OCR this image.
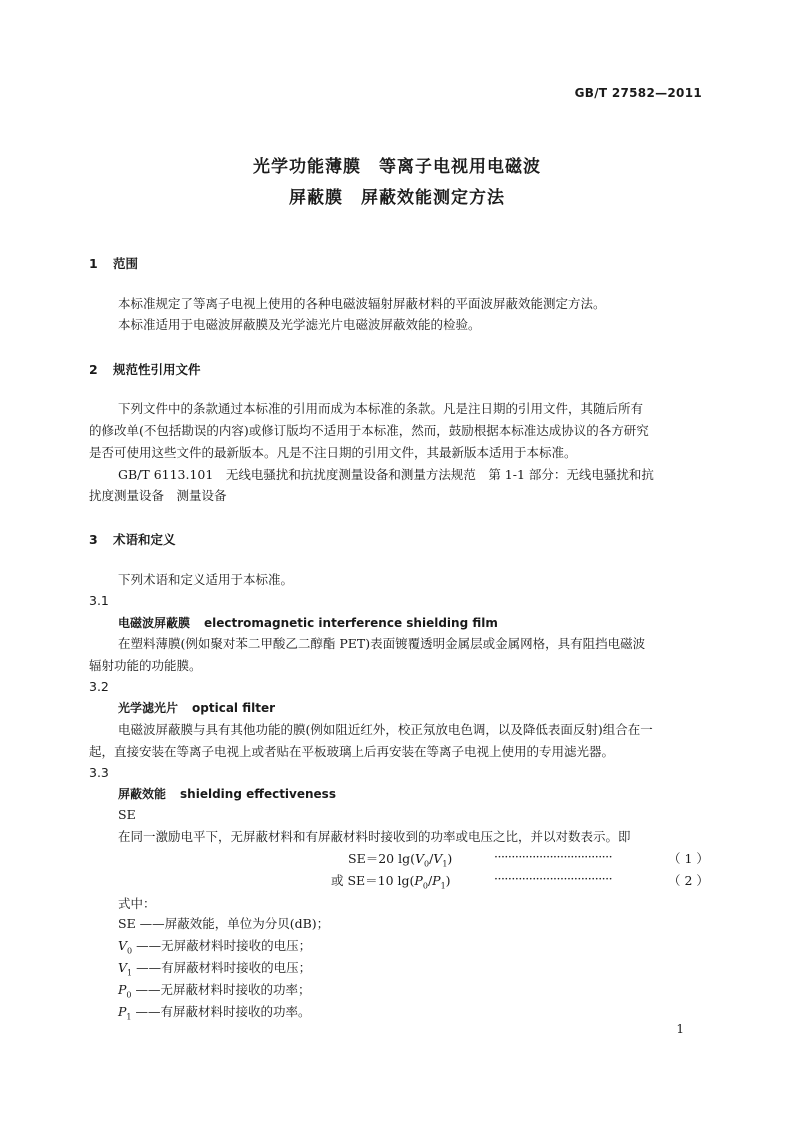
GB/T 27582—2011
光学功能薄膜　等离子电视用电磁波
屏蔽膜　屏蔽效能测定方法
1 范围
本标准规定了等离子电视上使用的各种电磁波辐射屏蔽材料的平面波屏蔽效能测定方法。
本标准适用于电磁波屏蔽膜及光学滤光片电磁波屏蔽效能的检验。
2 规范性引用文件
下列文件中的条款通过本标准的引用而成为本标准的条款。凡是注日期的引用文件，其随后所有
的修改单(不包括勘误的内容)或修订版均不适用于本标准，然而，鼓励根据本标准达成协议的各方研究
是否可使用这些文件的最新版本。凡是不注日期的引用文件，其最新版本适用于本标准。
GB/T 6113.101　无线电骚扰和抗扰度测量设备和测量方法规范　第 1-1 部分：无线电骚扰和抗
扰度测量设备　测量设备
3 术语和定义
下列术语和定义适用于本标准。
3.1
电磁波屏蔽膜 electromagnetic interference shielding film
在塑料薄膜(例如聚对苯二甲酸乙二醇酯 PET)表面镀覆透明金属层或金属网格，具有阻挡电磁波
辐射功能的功能膜。
3.2
光学滤光片 optical filter
电磁波屏蔽膜与具有其他功能的膜(例如阻近红外，校正氖放电色调，以及降低表面反射)组合在一
起，直接安装在等离子电视上或者贴在平板玻璃上后再安装在等离子电视上使用的专用滤光器。
3.3
屏蔽效能 shielding effectiveness
SE
在同一激励电平下，无屏蔽材料和有屏蔽材料时接收到的功率或电压之比，并以对数表示。即
SE＝20 $\lg(V_0/V_1)$	··································	（ 1 ）
或 SE＝10 $\lg(P_0/P_1)$	··································	（ 2 ）
式中：
SE ——屏蔽效能，单位为分贝(dB)；
$V_0$ ——无屏蔽材料时接收的电压；
$V_1$ ——有屏蔽材料时接收的电压；
$P_0$ ——无屏蔽材料时接收的功率；
$P_1$ ——有屏蔽材料时接收的功率。
1
